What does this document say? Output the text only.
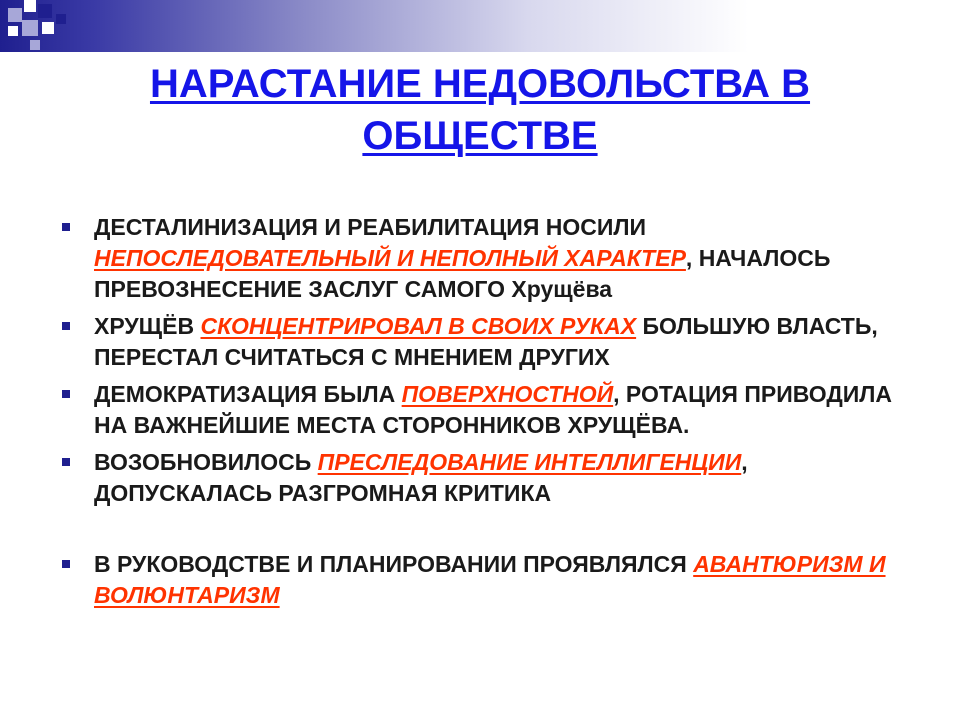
НАРАСТАНИЕ НЕДОВОЛЬСТВА В ОБЩЕСТВЕ
ДЕСТАЛИНИЗАЦИЯ И РЕАБИЛИТАЦИЯ НОСИЛИ НЕПОСЛЕДОВАТЕЛЬНЫЙ И НЕПОЛНЫЙ ХАРАКТЕР, НАЧАЛОСЬ ПРЕВОЗНЕСЕНИЕ ЗАСЛУГ САМОГО Хрущёва
ХРУЩЁВ СКОНЦЕНТРИРОВАЛ В СВОИХ РУКАХ БОЛЬШУЮ ВЛАСТЬ, ПЕРЕСТАЛ СЧИТАТЬСЯ С МНЕНИЕМ ДРУГИХ
ДЕМОКРАТИЗАЦИЯ БЫЛА ПОВЕРХНОСТНОЙ, РОТАЦИЯ ПРИВОДИЛА НА ВАЖНЕЙШИЕ МЕСТА СТОРОННИКОВ ХРУЩЁВА.
ВОЗОБНОВИЛОСЬ ПРЕСЛЕДОВАНИЕ ИНТЕЛЛИГЕНЦИИ, ДОПУСКАЛАСЬ РАЗГРОМНАЯ КРИТИКА
В РУКОВОДСТВЕ И ПЛАНИРОВАНИИ ПРОЯВЛЯЛСЯ АВАНТЮРИЗМ И ВОЛЮНТАРИЗМ
